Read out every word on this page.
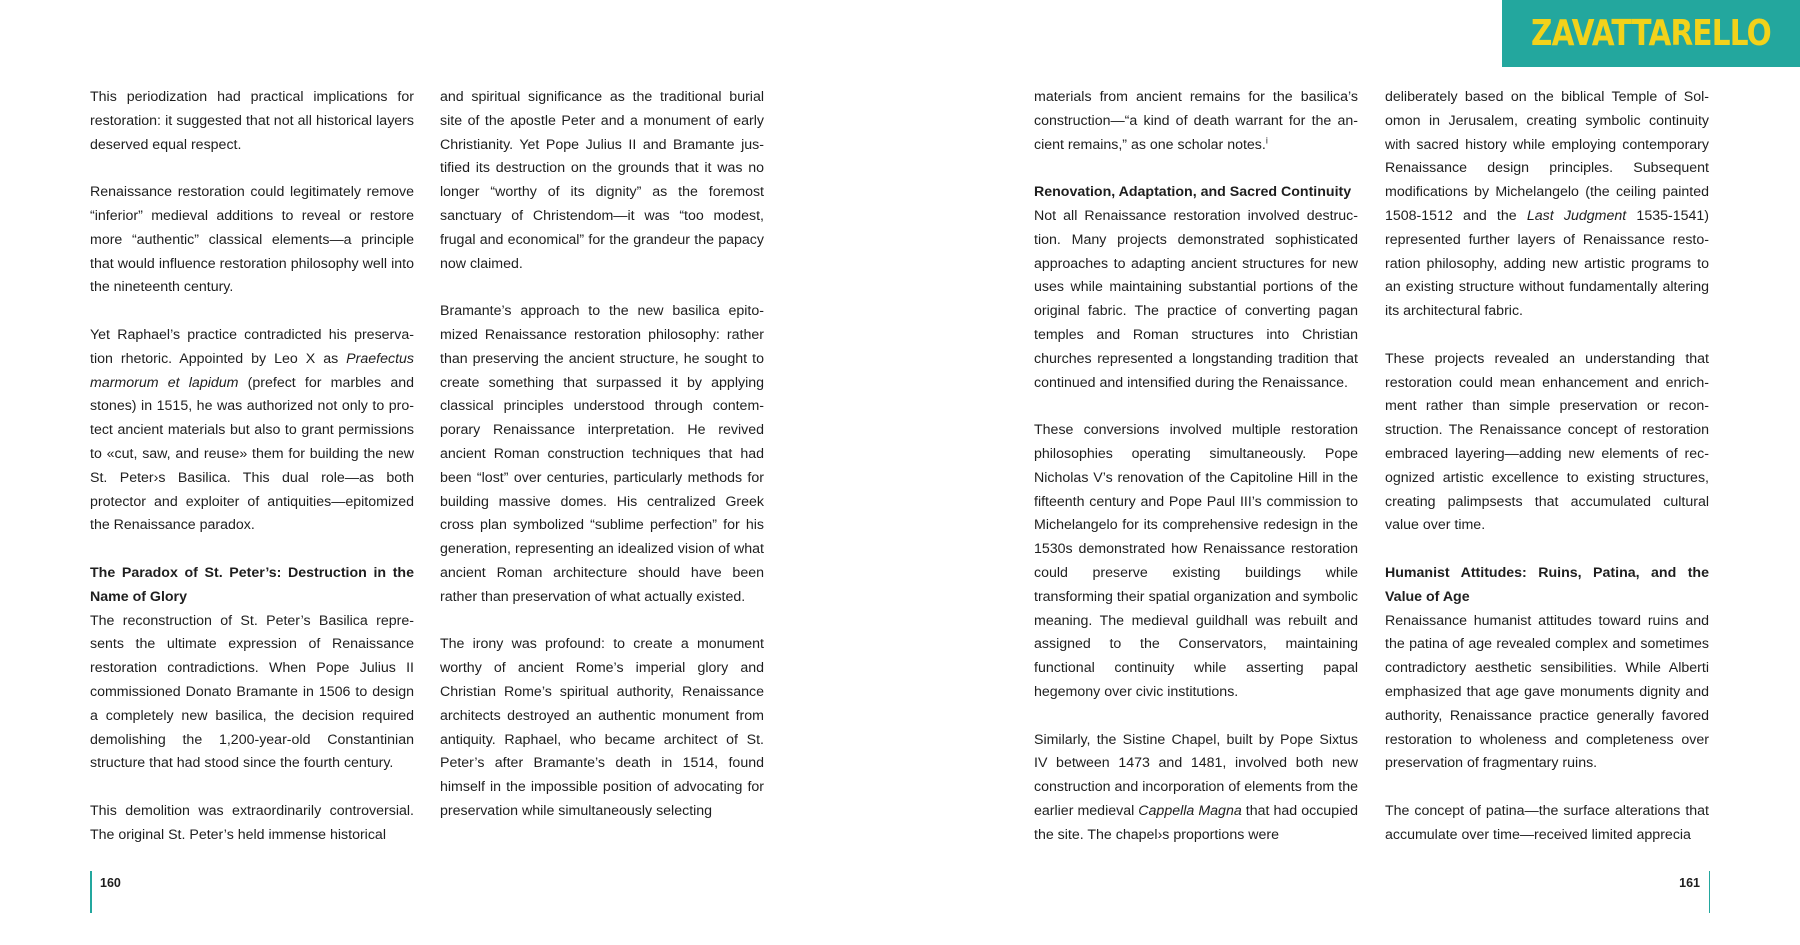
ZAVATTARELLO

This periodization had practical implications for restoration: it suggested that not all historical layers deserved equal respect.

Renaissance restoration could legitimately remove “inferior” medieval additions to reveal or restore more “authentic” classical elements—a principle that would influence restoration philosophy well into the nineteenth century.

Yet Raphael’s practice contradicted his preservation rhetoric. Appointed by Leo X as Praefectus marmorum et lapidum (prefect for marbles and stones) in 1515, he was authorized not only to protect ancient materials but also to grant permissions to «cut, saw, and reuse» them for building the new St. Peter›s Basilica. This dual role—as both protector and exploiter of antiquities—epitomized the Renaissance paradox.

The Paradox of St. Peter’s: Destruction in the Name of Glory

The reconstruction of St. Peter’s Basilica represents the ultimate expression of Renaissance restoration contradictions. When Pope Julius II commissioned Donato Bramante in 1506 to design a completely new basilica, the decision required demolishing the 1,200-year-old Constantinian structure that had stood since the fourth century.

This demolition was extraordinarily controversial. The original St. Peter’s held immense historical

and spiritual significance as the traditional burial site of the apostle Peter and a monument of early Christianity. Yet Pope Julius II and Bramante justified its destruction on the grounds that it was no longer “worthy of its dignity” as the foremost sanctuary of Christendom—it was “too modest, frugal and economical” for the grandeur the papacy now claimed.

Bramante’s approach to the new basilica epitomized Renaissance restoration philosophy: rather than preserving the ancient structure, he sought to create something that surpassed it by applying classical principles understood through contemporary Renaissance interpretation. He revived ancient Roman construction techniques that had been “lost” over centuries, particularly methods for building massive domes. His centralized Greek cross plan symbolized “sublime perfection” for his generation, representing an idealized vision of what ancient Roman architecture should have been rather than preservation of what actually existed.

The irony was profound: to create a monument worthy of ancient Rome’s imperial glory and Christian Rome’s spiritual authority, Renaissance architects destroyed an authentic monument from antiquity. Raphael, who became architect of St. Peter’s after Bramante’s death in 1514, found himself in the impossible position of advocating for preservation while simultaneously selecting

160

materials from ancient remains for the basilica’s construction—“a kind of death warrant for the ancient remains,” as one scholar notes.$^i$

Renovation, Adaptation, and Sacred Continuity

Not all Renaissance restoration involved destruction. Many projects demonstrated sophisticated approaches to adapting ancient structures for new uses while maintaining substantial portions of the original fabric. The practice of converting pagan temples and Roman structures into Christian churches represented a longstanding tradition that continued and intensified during the Renaissance.

These conversions involved multiple restoration philosophies operating simultaneously. Pope Nicholas V’s renovation of the Capitoline Hill in the fifteenth century and Pope Paul III’s commission to Michelangelo for its comprehensive redesign in the 1530s demonstrated how Renaissance restoration could preserve existing buildings while transforming their spatial organization and symbolic meaning. The medieval guildhall was rebuilt and assigned to the Conservators, maintaining functional continuity while asserting papal hegemony over civic institutions.

Similarly, the Sistine Chapel, built by Pope Sixtus IV between 1473 and 1481, involved both new construction and incorporation of elements from the earlier medieval Cappella Magna that had occupied the site. The chapel›s proportions were

deliberately based on the biblical Temple of Solomon in Jerusalem, creating symbolic continuity with sacred history while employing contemporary Renaissance design principles. Subsequent modifications by Michelangelo (the ceiling painted 1508-1512 and the Last Judgment 1535-1541) represented further layers of Renaissance restoration philosophy, adding new artistic programs to an existing structure without fundamentally altering its architectural fabric.

These projects revealed an understanding that restoration could mean enhancement and enrichment rather than simple preservation or reconstruction. The Renaissance concept of restoration embraced layering—adding new elements of recognized artistic excellence to existing structures, creating palimpsests that accumulated cultural value over time.

Humanist Attitudes: Ruins, Patina, and the Value of Age

Renaissance humanist attitudes toward ruins and the patina of age revealed complex and sometimes contradictory aesthetic sensibilities. While Alberti emphasized that age gave monuments dignity and authority, Renaissance practice generally favored restoration to wholeness and completeness over preservation of fragmentary ruins.

The concept of patina—the surface alterations that accumulate over time—received limited apprecia

161
